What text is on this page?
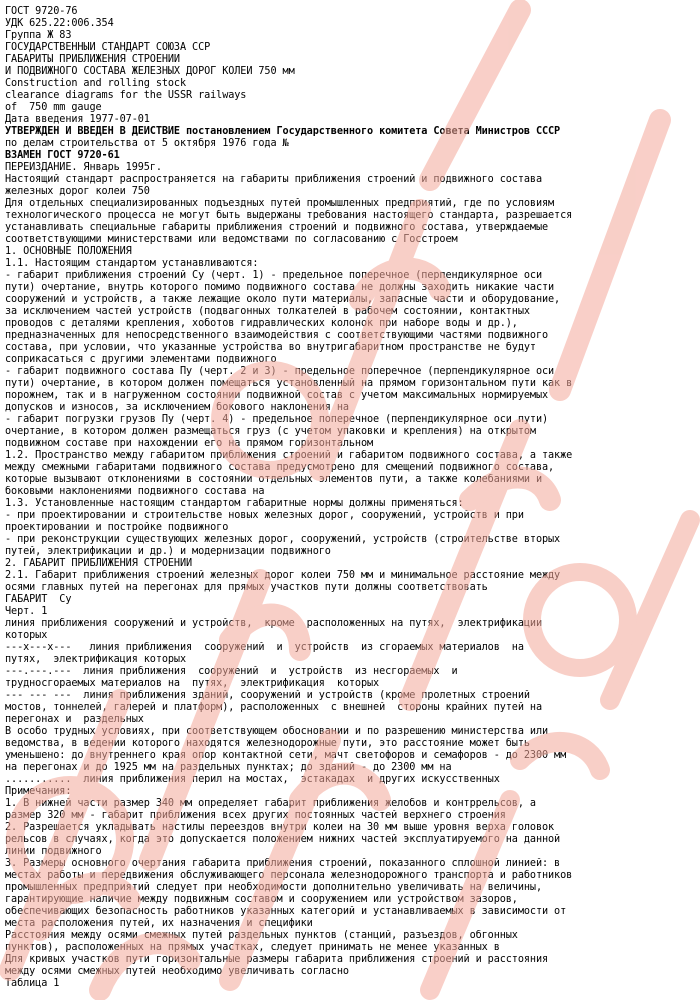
ГОСТ 9720-76
УДК 625.22:006.354
Группа Ж 83
ГОСУДАРСТВЕННЫЙ СТАНДАРТ СОЮЗА ССР
ГАБАРИТЫ ПРИБЛИЖЕНИЯ СТРОЕНИЙ
И ПОДВИЖНОГО СОСТАВА ЖЕЛЕЗНЫХ ДОРОГ КОЛЕИ 750 мм
Construction and rolling stock
clearance diagrams for the USSR railways
of  750 mm gauge
Дата введения 1977-07-01
УТВЕРЖДЕН И ВВЕДЕН В ДЕЙСТВИЕ постановлением Государственного комитета Совета Министров СССР
по делам строительства от 5 октября 1976 года №
ВЗАМЕН ГОСТ 9720-61
ПЕРЕИЗДАНИЕ. Январь 1995г.
Настоящий стандарт распространяется на габариты приближения строений и подвижного состава
железных дорог колеи 750
Для отдельных специализированных подъездных путей промышленных предприятий, где по условиям
технологического процесса не могут быть выдержаны требования настоящего стандарта, разрешается
устанавливать специальные габариты приближения строений и подвижного состава, утверждаемые
соответствующими министерствами или ведомствами по согласованию с Госстроем
1. ОСНОВНЫЕ ПОЛОЖЕНИЯ
1.1. Настоящим стандартом устанавливаются:
- габарит приближения строений Су (черт. 1) - предельное поперечное (перпендикулярное оси
пути) очертание, внутрь которого помимо подвижного состава не должны заходить никакие части
сооружений и устройств, а также лежащие около пути материалы, запасные части и оборудование,
за исключением частей устройств (подвагонных толкателей в рабочем состоянии, контактных
проводов с деталями крепления, хоботов гидравлических колонок при наборе воды и др.),
предназначенных для непосредственного взаимодействия с соответствующими частями подвижного
состава, при условии, что указанные устройства во внутригабаритном пространстве не будут
соприкасаться с другими элементами подвижного
- габарит подвижного состава Пу (черт. 2 и 3) - предельное поперечное (перпендикулярное оси
пути) очертание, в котором должен помещаться установленный на прямом горизонтальном пути как в
порожнем, так и в нагруженном состоянии подвижной состав с учетом максимальных нормируемых
допусков и износов, за исключением бокового наклонения на
- габарит погрузки грузов Пу (черт. 4) - предельное поперечное (перпендикулярное оси пути)
очертание, в котором должен размещаться груз (с учетом упаковки и крепления) на открытом
подвижном составе при нахождении его на прямом горизонтальном
1.2. Пространство между габаритом приближения строений и габаритом подвижного состава, а также
между смежными габаритами подвижного состава предусмотрено для смещений подвижного состава,
которые вызывают отклонениями в состоянии отдельных элементов пути, а также колебаниями и
боковыми наклонениями подвижного состава на
1.3. Установленные настоящим стандартом габаритные нормы должны применяться:
- при проектировании и строительстве новых железных дорог, сооружений, устройств и при
проектировании и постройке подвижного
- при реконструкции существующих железных дорог, сооружений, устройств (строительстве вторых
путей, электрификации и др.) и модернизации подвижного
2. ГАБАРИТ ПРИБЛИЖЕНИЯ СТРОЕНИЙ
2.1. Габарит приближения строений железных дорог колеи 750 мм и минимальное расстояние между
осями главных путей на перегонах для прямых участков пути должны соответствовать
ГАБАРИТ  Су
Черт. 1
линия приближения сооружений и устройств,  кроме  расположенных на путях,  электрификации
которых
---x---x---   линия приближения  сооружений  и  устройств  из сгораемых материалов  на
путях,  электрификация которых
---.---.---  линия приближения  сооружений  и  устройств  из несгораемых  и
трудносгораемых материалов на  путях,  электрификация  которых
--- --- ---  линия приближения зданий, сооружений и устройств (кроме пролетных строений
мостов, тоннелей, галерей и платформ), расположенных  с внешней  стороны крайних путей на
перегонах и  раздельных
В особо трудных условиях, при соответствующем обосновании и по разрешению министерства или
ведомства, в ведении которого находятся железнодорожные пути, это расстояние может быть
уменьшено: до внутреннего края опор контактной сети, мачт светофоров и семафоров - до 2300 мм
на перегонах и до 1925 мм на раздельных пунктах; до зданий - до 2300 мм на
...........  линия приближения перил на мостах,  эстакадах  и других искусственных
Примечания:
1. В нижней части размер 340 мм определяет габарит приближения желобов и контррельсов, а
размер 320 мм - габарит приближения всех других постоянных частей верхнего строения
2. Разрешается укладывать настилы переездов внутри колеи на 30 мм выше уровня верха головок
рельсов в случаях, когда это допускается положением нижних частей эксплуатируемого на данной
линии подвижного
3. Размеры основного очертания габарита приближения строений, показанного сплошной линией: в
местах работы и передвижения обслуживающего персонала железнодорожного транспорта и работников
промышленных предприятий следует при необходимости дополнительно увеличивать на величины,
гарантирующие наличие между подвижным составом и сооружением или устройством зазоров,
обеспечивающих безопасность работников указанных категорий и устанавливаемых в зависимости от
места расположения путей, их назначения и специфики
Расстояния между осями смежных путей раздельных пунктов (станций, разъездов, обгонных
пунктов), расположенных на прямых участках, следует принимать не менее указанных в
Для кривых участков пути горизонтальные размеры габарита приближения строений и расстояния
между осями смежных путей необходимо увеличивать согласно
Таблица 1
